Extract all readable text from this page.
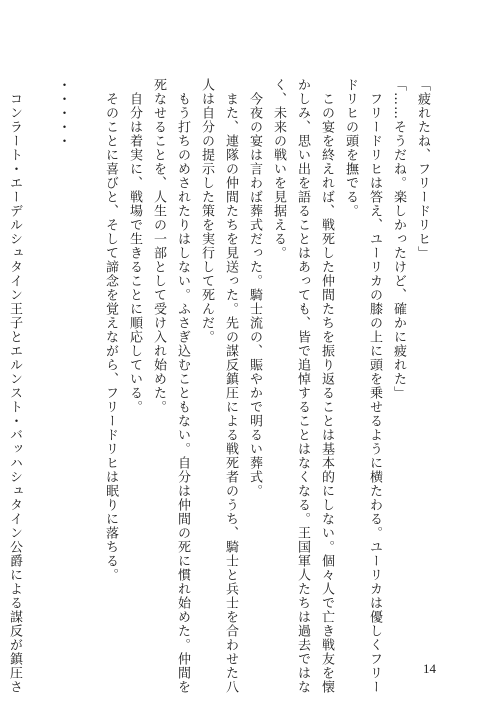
「疲れたね、フリードリヒ」
「……そうだね。楽しかったけど、確かに疲れた」
　フリードリヒは答え、ユーリカの膝の上に頭を乗せるように横たわる。ユーリカは優しくフリー
ドリヒの頭を撫でる。
　この宴を終えれば、戦死した仲間たちを振り返ることは基本的にしない。個々人で亡き戦友を懐
かしみ、思い出を語ることはあっても、皆で追悼することはなくなる。王国軍人たちは過去ではな
く、未来の戦いを見据える。
　今夜の宴は言わば葬式だった。騎士流の、賑やかで明るい葬式。
　また、連隊の仲間たちを見送った。先の謀反鎮圧による戦死者のうち、騎士と兵士を合わせた八
人は自分の提示した策を実行して死んだ。
　もう打ちのめされたりはしない。ふさぎ込むこともない。自分は仲間の死に慣れ始めた。仲間を
死なせることを、人生の一部として受け入れ始めた。
　自分は着実に、戦場で生きることに順応している。
　そのことに喜びと、そして諦念を覚えながら、フリードリヒは眠りに落ちる。

・・・・・

　コンラート・エーデルシュタイン王子とエルンスト・バッハシュタイン公爵による謀反が鎮圧さ	14
